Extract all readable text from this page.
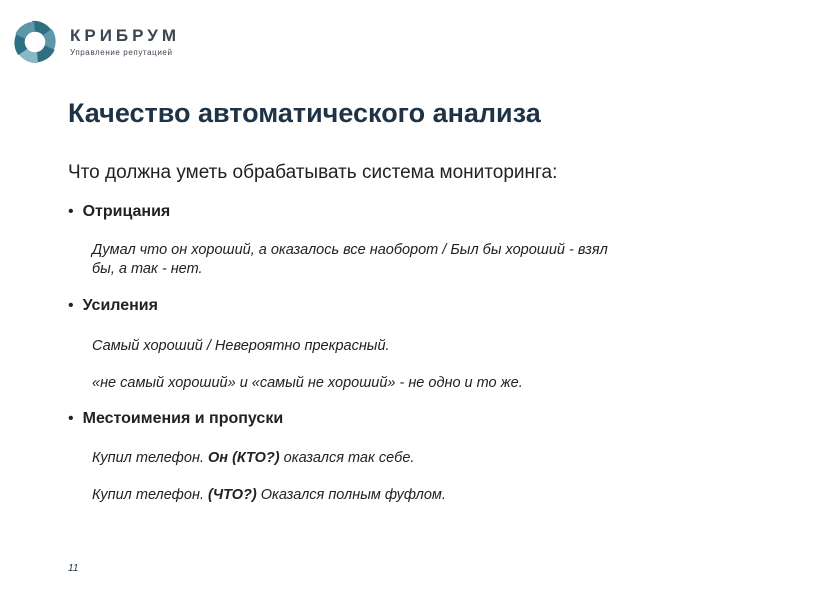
КРИБРУМ
Управление репутацией
Качество автоматического анализа
Что должна уметь обрабатывать система мониторинга:
• Отрицания
Думал что он хороший, а оказалось все наоборот / Был бы хороший - взял
бы, а так - нет.
• Усиления
Самый хороший / Невероятно прекрасный.
«не самый хороший» и «самый не хороший» - не одно и то же.
• Местоимения и пропуски
Купил телефон. Он (КТО?) оказался так себе.
Купил телефон. (ЧТО?) Оказался полным фуфлом.
11
